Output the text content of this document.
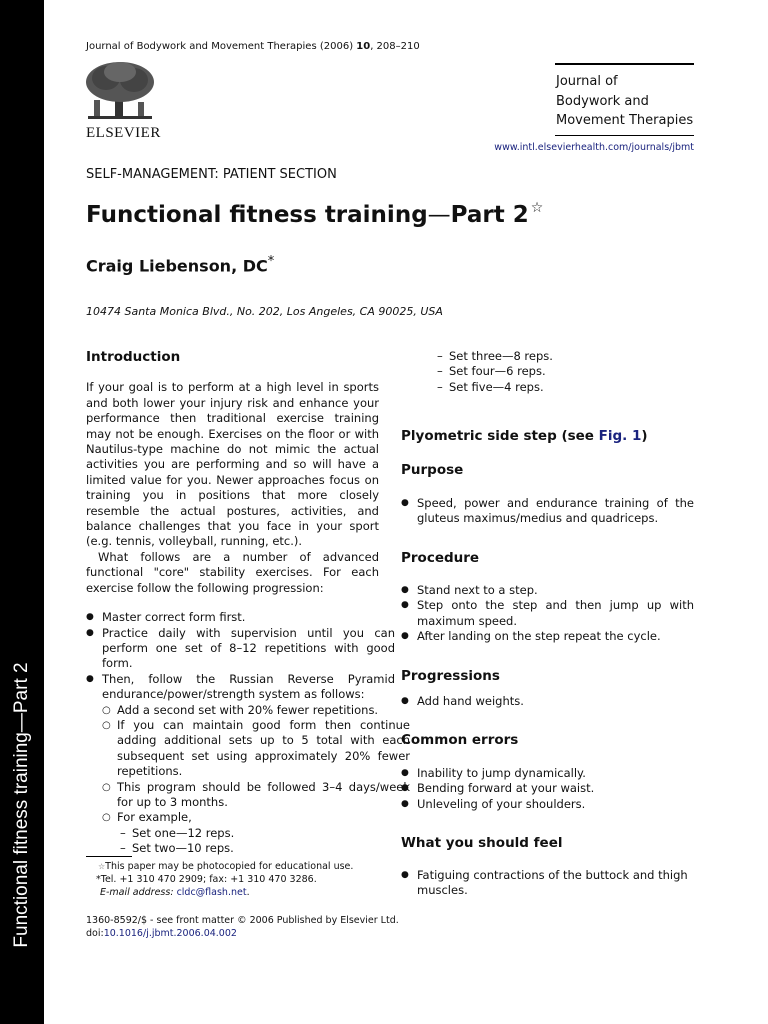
Functional fitness training—Part 2
Journal of Bodywork and Movement Therapies (2006) 10, 208–210
ELSEVIER
Journal of
Bodywork and
Movement Therapies
www.intl.elsevierhealth.com/journals/jbmt
SELF-MANAGEMENT: PATIENT SECTION
Functional fitness training—Part 2 ☆
Craig Liebenson, DC*
10474 Santa Monica Blvd., No. 202, Los Angeles, CA 90025, USA
Introduction
If your goal is to perform at a high level in sports and both lower your injury risk and enhance your performance then traditional exercise training may not be enough. Exercises on the floor or with Nautilus-type machine do not mimic the actual activities you are performing and so will have a limited value for you. Newer approaches focus on training you in positions that more closely resemble the actual postures, activities, and balance challenges that you face in your sport (e.g. tennis, volleyball, running, etc.).
What follows are a number of advanced functional "core" stability exercises. For each exercise follow the following progression:
● Master correct form first.
● Practice daily with supervision until you can perform one set of 8–12 repetitions with good form.
● Then, follow the Russian Reverse Pyramid endurance/power/strength system as follows:
○ Add a second set with 20% fewer repetitions.
○ If you can maintain good form then continue adding additional sets up to 5 total with each subsequent set using approximately 20% fewer repetitions.
○ This program should be followed 3–4 days/week for up to 3 months.
○ For example,
– Set one—12 reps.
– Set two—10 reps.
☆This paper may be photocopied for educational use.
*Tel. +1 310 470 2909; fax: +1 310 470 3286.
E-mail address: cldc@flash.net.
1360-8592/$ - see front matter © 2006 Published by Elsevier Ltd.
doi:10.1016/j.jbmt.2006.04.002
– Set three—8 reps.
– Set four—6 reps.
– Set five—4 reps.
Plyometric side step (see Fig. 1)
Purpose
● Speed, power and endurance training of the gluteus maximus/medius and quadriceps.
Procedure
● Stand next to a step.
● Step onto the step and then jump up with maximum speed.
● After landing on the step repeat the cycle.
Progressions
● Add hand weights.
Common errors
● Inability to jump dynamically.
● Bending forward at your waist.
● Unleveling of your shoulders.
What you should feel
● Fatiguing contractions of the buttock and thigh muscles.
